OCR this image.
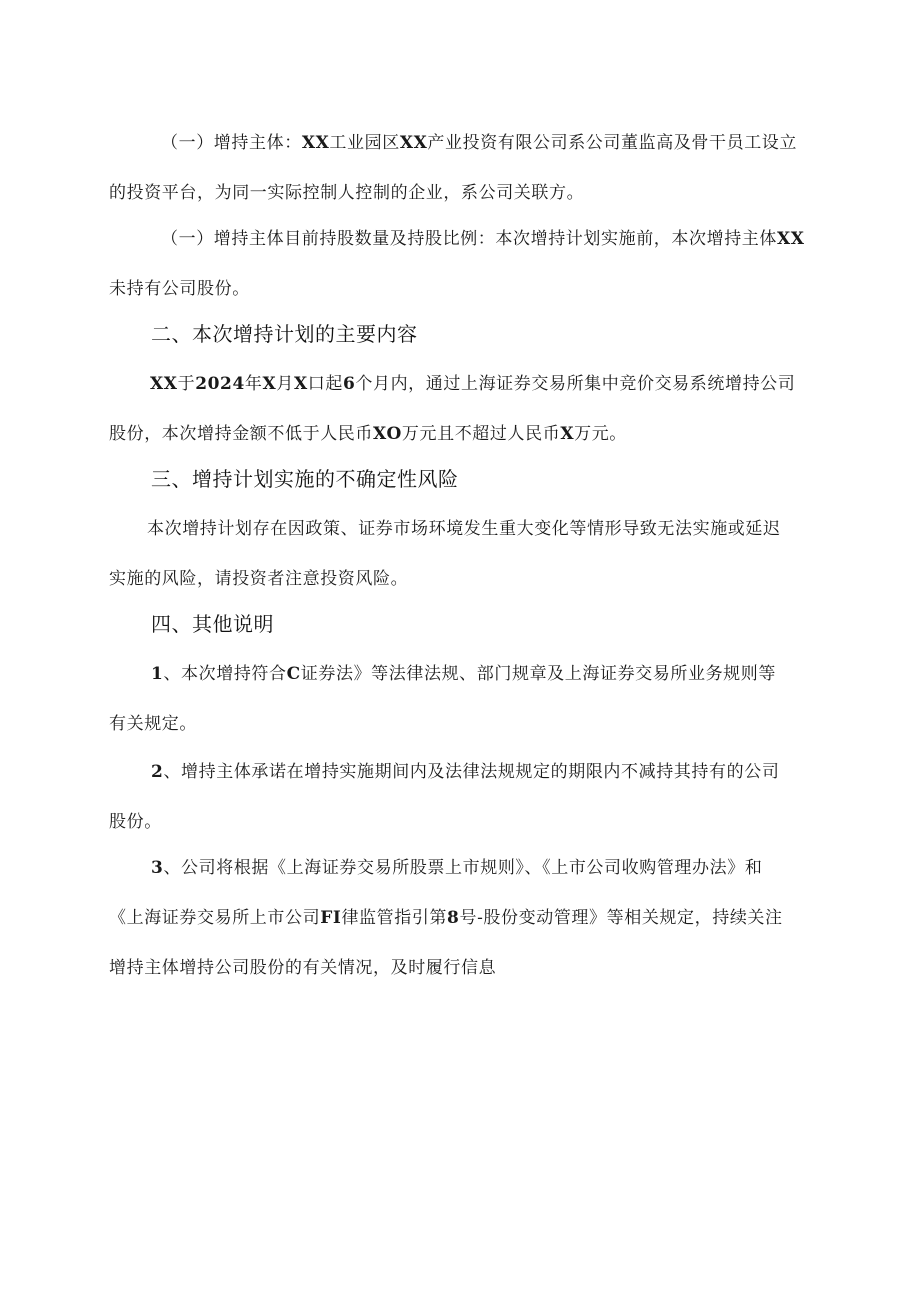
（一）增持主体：XX工业园区XX产业投资有限公司系公司董监高及骨干员工设立
的投资平台，为同一实际控制人控制的企业，系公司关联方。
（一）增持主体目前持股数量及持股比例：本次增持计划实施前，本次增持主体XX
未持有公司股份。
二、本次增持计划的主要内容
XX于2024年X月X口起6个月内，通过上海证券交易所集中竞价交易系统增持公司
股份，本次增持金额不低于人民币XO万元且不超过人民币X万元。
三、增持计划实施的不确定性风险
本次增持计划存在因政策、证券市场环境发生重大变化等情形导致无法实施或延迟
实施的风险，请投资者注意投资风险。
四、其他说明
1、本次增持符合C证券法》等法律法规、部门规章及上海证券交易所业务规则等
有关规定。
2、增持主体承诺在增持实施期间内及法律法规规定的期限内不减持其持有的公司
股份。
3、公司将根据《上海证券交易所股票上市规则》、《上市公司收购管理办法》和
《上海证券交易所上市公司FI律监管指引第8号-股份变动管理》等相关规定，持续关注
增持主体增持公司股份的有关情况，及时履行信息
